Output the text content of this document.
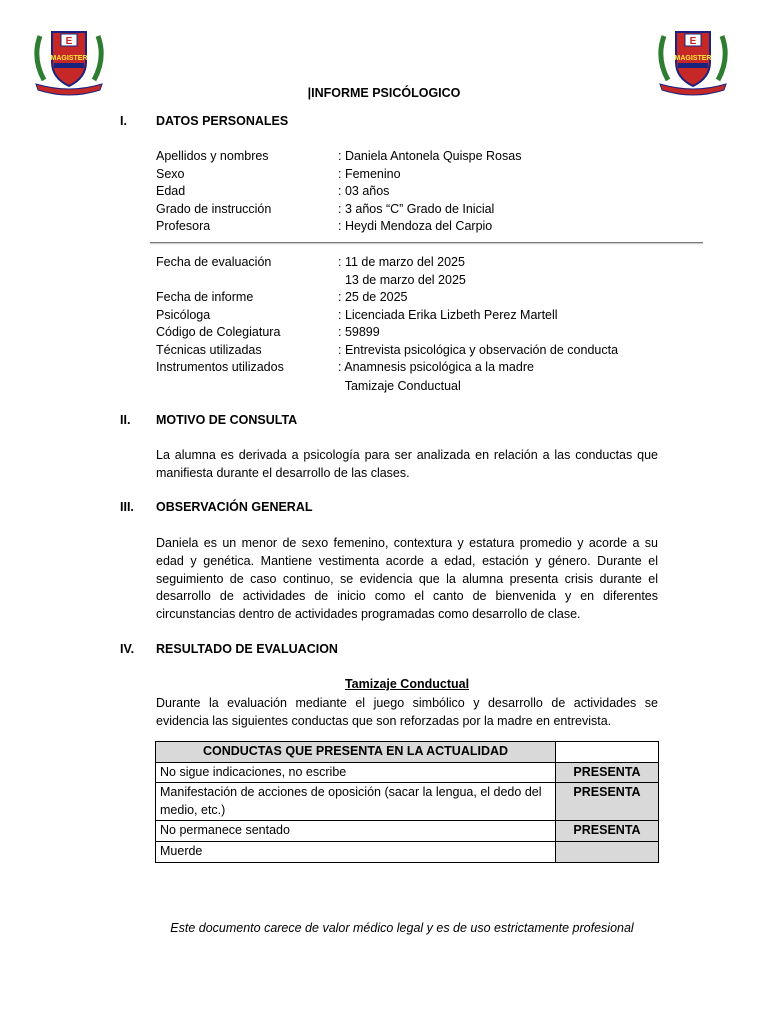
E
MAGISTER
E
MAGISTER
|INFORME PSICÓLOGICO
I. DATOS PERSONALES
Apellidos y nombres	: Daniela Antonela Quispe Rosas
Sexo	: Femenino
Edad	: 03 años
Grado de instrucción	: 3 años “C” Grado de Inicial
Profesora	: Heydi Mendoza del Carpio
Fecha de evaluación	: 11 de marzo del 2025
13 de marzo del 2025
Fecha de informe	: 25 de 2025
Psicóloga	: Licenciada Erika Lizbeth Perez Martell
Código de Colegiatura	: 59899
Técnicas utilizadas	: Entrevista psicológica y observación de conducta
Instrumentos utilizados	: Anamnesis psicológica a la madre
Tamizaje Conductual
II. MOTIVO DE CONSULTA
La alumna es derivada a psicología para ser analizada en relación a las conductas que manifiesta durante el desarrollo de las clases.
III. OBSERVACIÓN GENERAL
Daniela es un menor de sexo femenino, contextura y estatura promedio y acorde a su edad y genética. Mantiene vestimenta acorde a edad, estación y género. Durante el seguimiento de caso continuo, se evidencia que la alumna presenta crisis durante el desarrollo de actividades de inicio como el canto de bienvenida y en diferentes circunstancias dentro de actividades programadas como desarrollo de clase.
IV. RESULTADO DE EVALUACION
Tamizaje Conductual
Durante la evaluación mediante el juego simbólico y desarrollo de actividades se evidencia las siguientes conductas que son reforzadas por la madre en entrevista.
CONDUCTAS QUE PRESENTA EN LA ACTUALIDAD	
No sigue indicaciones, no escribe	PRESENTA
Manifestación de acciones de oposición (sacar la lengua, el dedo del medio, etc.)	PRESENTA
No permanece sentado	PRESENTA
Muerde	
Este documento carece de valor médico legal y es de uso estrictamente profesional
